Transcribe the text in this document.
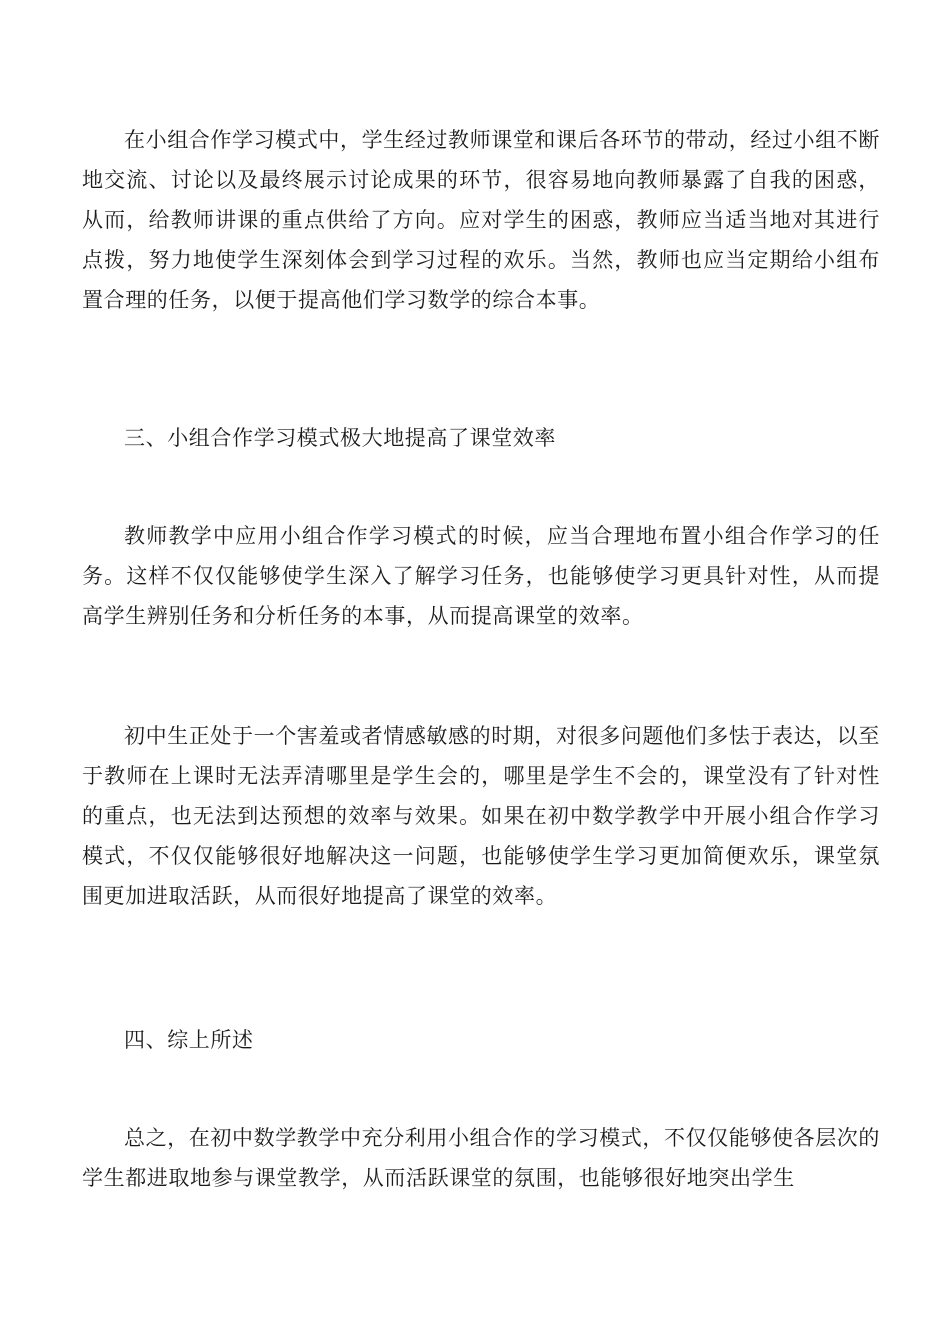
在小组合作学习模式中，学生经过教师课堂和课后各环节的带动，经过小组不断地交流、讨论以及最终展示讨论成果的环节，很容易地向教师暴露了自我的困惑，从而，给教师讲课的重点供给了方向。应对学生的困惑，教师应当适当地对其进行点拨，努力地使学生深刻体会到学习过程的欢乐。当然，教师也应当定期给小组布置合理的任务，以便于提高他们学习数学的综合本事。

三、小组合作学习模式极大地提高了课堂效率

教师教学中应用小组合作学习模式的时候，应当合理地布置小组合作学习的任务。这样不仅仅能够使学生深入了解学习任务，也能够使学习更具针对性，从而提高学生辨别任务和分析任务的本事，从而提高课堂的效率。

初中生正处于一个害羞或者情感敏感的时期，对很多问题他们多怯于表达，以至于教师在上课时无法弄清哪里是学生会的，哪里是学生不会的，课堂没有了针对性的重点，也无法到达预想的效率与效果。如果在初中数学教学中开展小组合作学习模式，不仅仅能够很好地解决这一问题，也能够使学生学习更加简便欢乐，课堂氛围更加进取活跃，从而很好地提高了课堂的效率。

四、综上所述

总之，在初中数学教学中充分利用小组合作的学习模式，不仅仅能够使各层次的学生都进取地参与课堂教学，从而活跃课堂的氛围，也能够很好地突出学生
